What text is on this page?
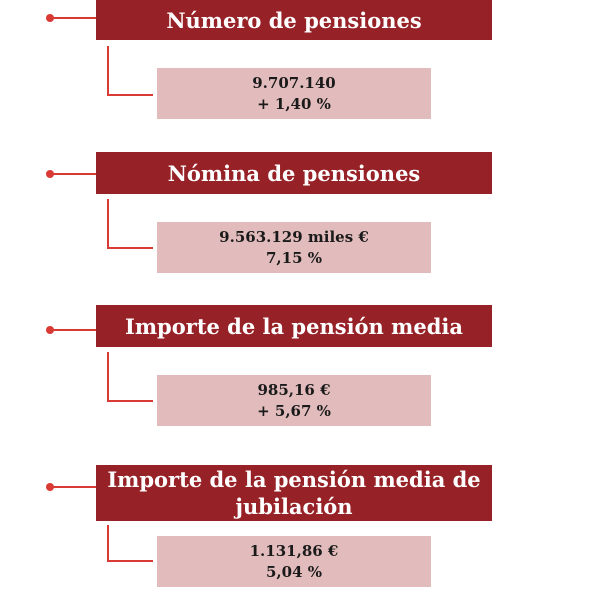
Número de pensiones
9.707.140
+ 1,40 %
Nómina de pensiones
9.563.129 miles €
7,15 %
Importe de la pensión media
985,16 €
+ 5,67 %
Importe de la pensión media de jubilación
1.131,86 €
5,04 %
